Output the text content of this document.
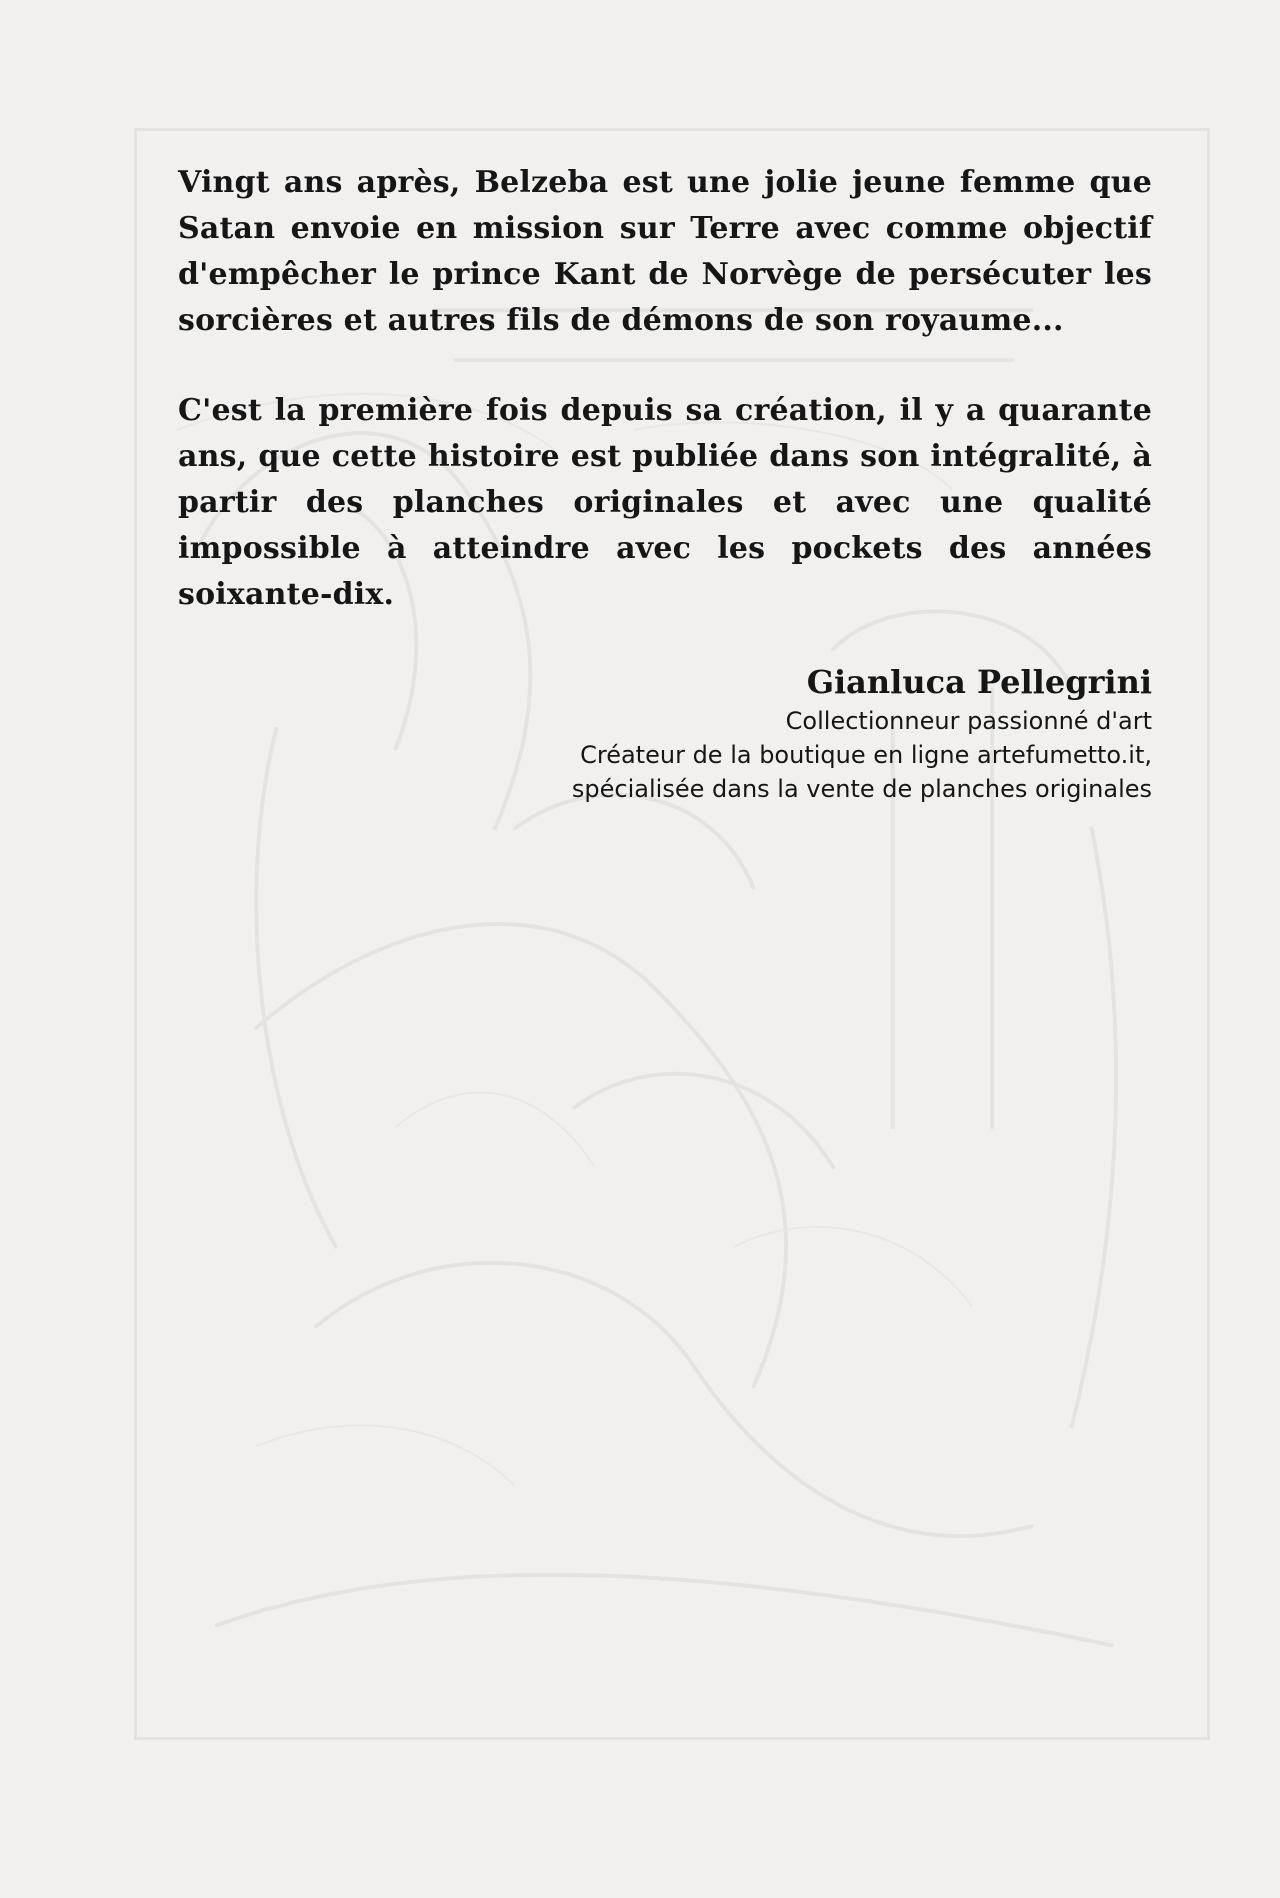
Vingt ans après, Belzeba est une jolie jeune femme que Satan envoie en mission sur Terre avec comme objectif d'empêcher le prince Kant de Norvège de persécuter les sorcières et autres fils de démons de son royaume...

C'est la première fois depuis sa création, il y a quarante ans, que cette histoire est publiée dans son intégralité, à partir des planches originales et avec une qualité impossible à atteindre avec les pockets des années soixante-dix.

Gianluca Pellegrini
Collectionneur passionné d'art
Créateur de la boutique en ligne artefumetto.it,
spécialisée dans la vente de planches originales
